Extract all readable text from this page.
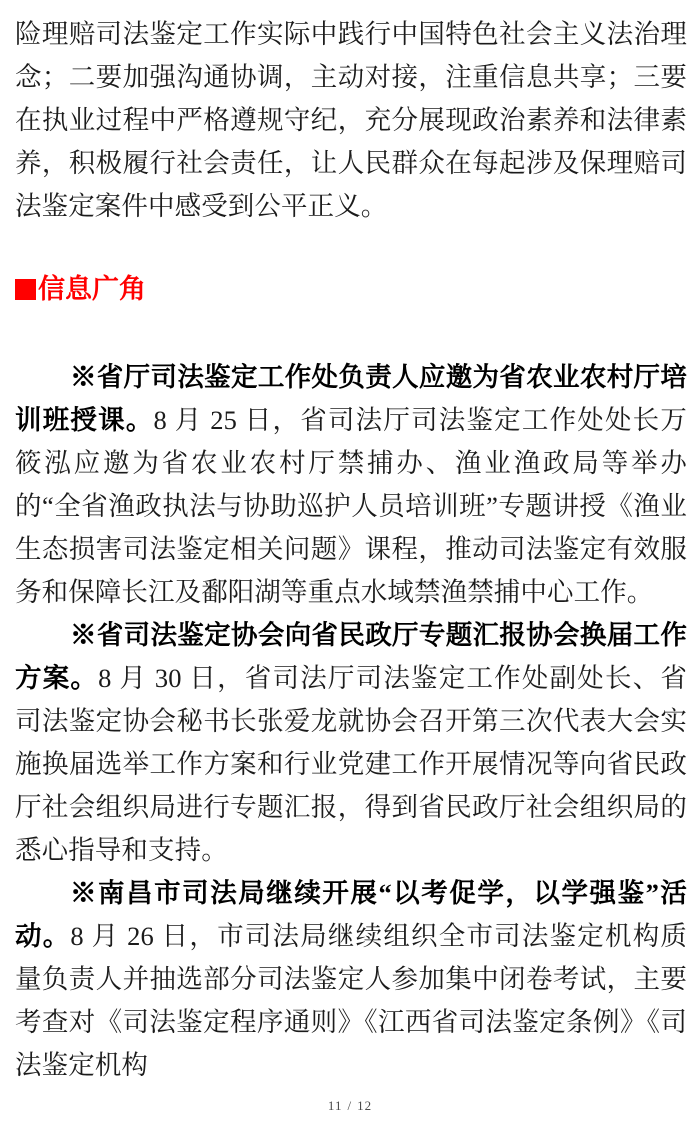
险理赔司法鉴定工作实际中践行中国特色社会主义法治理念；二要加强沟通协调，主动对接，注重信息共享；三要在执业过程中严格遵规守纪，充分展现政治素养和法律素养，积极履行社会责任，让人民群众在每起涉及保理赔司法鉴定案件中感受到公平正义。
信息广角

※省厅司法鉴定工作处负责人应邀为省农业农村厅培训班授课。8 月 25 日，省司法厅司法鉴定工作处处长万筱泓应邀为省农业农村厅禁捕办、渔业渔政局等举办的“全省渔政执法与协助巡护人员培训班”专题讲授《渔业生态损害司法鉴定相关问题》课程，推动司法鉴定有效服务和保障长江及鄱阳湖等重点水域禁渔禁捕中心工作。

※省司法鉴定协会向省民政厅专题汇报协会换届工作方案。8 月 30 日，省司法厅司法鉴定工作处副处长、省司法鉴定协会秘书长张爱龙就协会召开第三次代表大会实施换届选举工作方案和行业党建工作开展情况等向省民政厅社会组织局进行专题汇报，得到省民政厅社会组织局的悉心指导和支持。

※南昌市司法局继续开展“以考促学，以学强鉴”活动。8 月 26 日，市司法局继续组织全市司法鉴定机构质量负责人并抽选部分司法鉴定人参加集中闭卷考试，主要考查对《司法鉴定程序通则》《江西省司法鉴定条例》《司法鉴定机构

11 / 12
